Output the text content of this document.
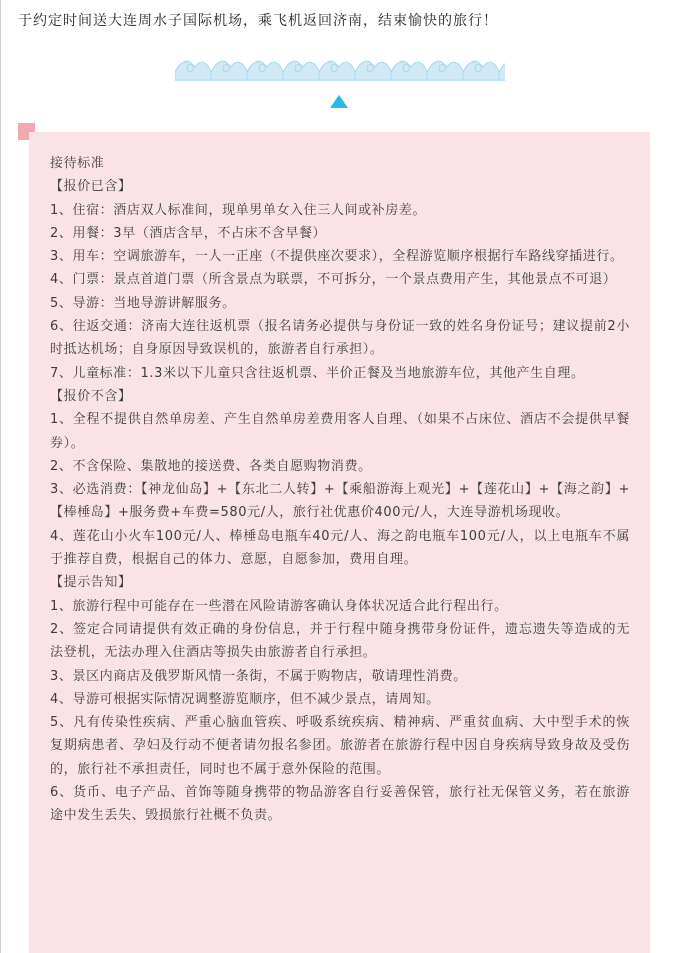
于约定时间送大连周水子国际机场，乘飞机返回济南，结束愉快的旅行！
接待标准
【报价已含】
1、住宿：酒店双人标准间，现单男单女入住三人间或补房差。
2、用餐：3早（酒店含早，不占床不含早餐）
3、用车：空调旅游车，一人一正座（不提供座次要求），全程游览顺序根据行车路线穿插进行。
4、门票：景点首道门票（所含景点为联票，不可拆分，一个景点费用产生，其他景点不可退）
5、导游：当地导游讲解服务。
6、往返交通：济南大连往返机票（报名请务必提供与身份证一致的姓名身份证号；建议提前2小时抵达机场；自身原因导致误机的，旅游者自行承担）。
7、儿童标准：1.3米以下儿童只含往返机票、半价正餐及当地旅游车位，其他产生自理。
【报价不含】
1、全程不提供自然单房差、产生自然单房差费用客人自理、（如果不占床位、酒店不会提供早餐券）。
2、不含保险、集散地的接送费、各类自愿购物消费。
3、必选消费：【神龙仙岛】+【东北二人转】+【乘船游海上观光】+【莲花山】+【海之韵】+【棒棰岛】+服务费+车费=580元/人，旅行社优惠价400元/人，大连导游机场现收。
4、莲花山小火车100元/人、棒棰岛电瓶车40元/人、海之韵电瓶车100元/人，以上电瓶车不属于推荐自费，根据自己的体力、意愿，自愿参加，费用自理。
【提示告知】
1、旅游行程中可能存在一些潜在风险请游客确认身体状况适合此行程出行。
2、签定合同请提供有效正确的身份信息，并于行程中随身携带身份证件，遗忘遗失等造成的无法登机，无法办理入住酒店等损失由旅游者自行承担。
3、景区内商店及俄罗斯风情一条街，不属于购物店，敬请理性消费。
4、导游可根据实际情况调整游览顺序，但不减少景点，请周知。
5、凡有传染性疾病、严重心脑血管疾、呼吸系统疾病、精神病、严重贫血病、大中型手术的恢复期病患者、孕妇及行动不便者请勿报名参团。旅游者在旅游行程中因自身疾病导致身故及受伤的，旅行社不承担责任，同时也不属于意外保险的范围。
6、货币、电子产品、首饰等随身携带的物品游客自行妥善保管，旅行社无保管义务，若在旅游途中发生丢失、毁损旅行社概不负责。
